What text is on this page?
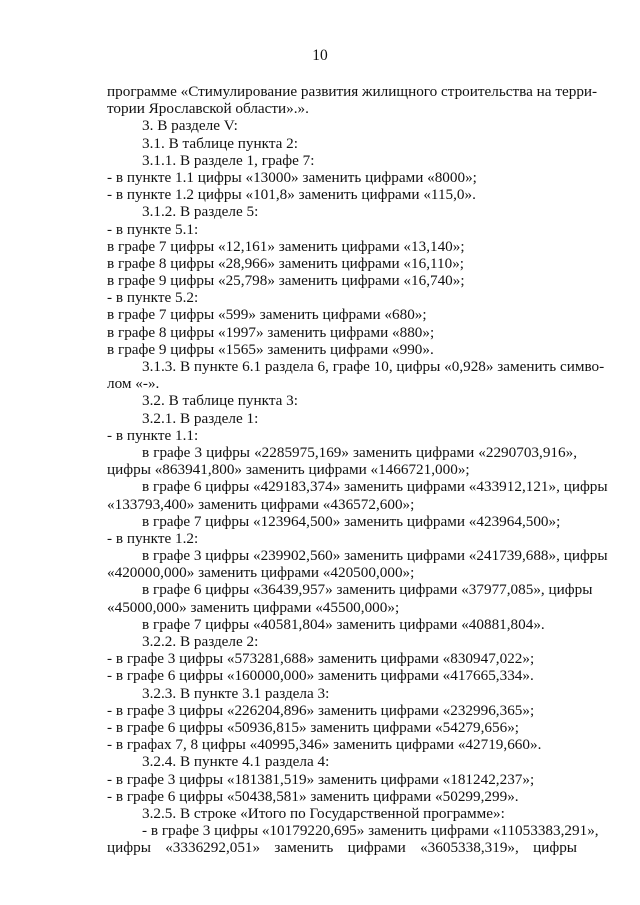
10
программе «Стимулирование развития жилищного строительства на терри-
тории Ярославской области».».
3. В разделе V:
3.1. В таблице пункта 2:
3.1.1. В разделе 1, графе 7:
- в пункте 1.1 цифры «13000» заменить цифрами «8000»;
- в пункте 1.2 цифры «101,8» заменить цифрами «115,0».
3.1.2. В разделе 5:
- в пункте 5.1:
в графе 7 цифры «12,161» заменить цифрами «13,140»;
в графе 8 цифры «28,966» заменить цифрами «16,110»;
в графе 9 цифры «25,798» заменить цифрами «16,740»;
- в пункте 5.2:
в графе 7 цифры «599» заменить цифрами «680»;
в графе 8 цифры «1997» заменить цифрами «880»;
в графе 9 цифры «1565» заменить цифрами «990».
3.1.3. В пункте 6.1 раздела 6, графе 10, цифры «0,928» заменить симво-
лом «-».
3.2. В таблице пункта 3:
3.2.1. В разделе 1:
- в пункте 1.1:
в графе 3 цифры «2285975,169» заменить цифрами «2290703,916»,
цифры «863941,800» заменить цифрами «1466721,000»;
в графе 6 цифры «429183,374» заменить цифрами «433912,121», цифры
«133793,400» заменить цифрами «436572,600»;
в графе 7 цифры «123964,500» заменить цифрами «423964,500»;
- в пункте 1.2:
в графе 3 цифры «239902,560» заменить цифрами «241739,688», цифры
«420000,000» заменить цифрами «420500,000»;
в графе 6 цифры «36439,957» заменить цифрами «37977,085», цифры
«45000,000» заменить цифрами «45500,000»;
в графе 7 цифры «40581,804» заменить цифрами «40881,804».
3.2.2. В разделе 2:
- в графе 3 цифры «573281,688» заменить цифрами «830947,022»;
- в графе 6 цифры «160000,000» заменить цифрами «417665,334».
3.2.3. В пункте 3.1 раздела 3:
- в графе 3 цифры «226204,896» заменить цифрами «232996,365»;
- в графе 6 цифры «50936,815» заменить цифрами «54279,656»;
- в графах 7, 8 цифры «40995,346» заменить цифрами «42719,660».
3.2.4. В пункте 4.1 раздела 4:
- в графе 3 цифры «181381,519» заменить цифрами «181242,237»;
- в графе 6 цифры «50438,581» заменить цифрами «50299,299».
3.2.5. В строке «Итого по Государственной программе»:
- в графе 3 цифры «10179220,695» заменить цифрами «11053383,291»,
цифры «3336292,051» заменить цифрами «3605338,319», цифры
